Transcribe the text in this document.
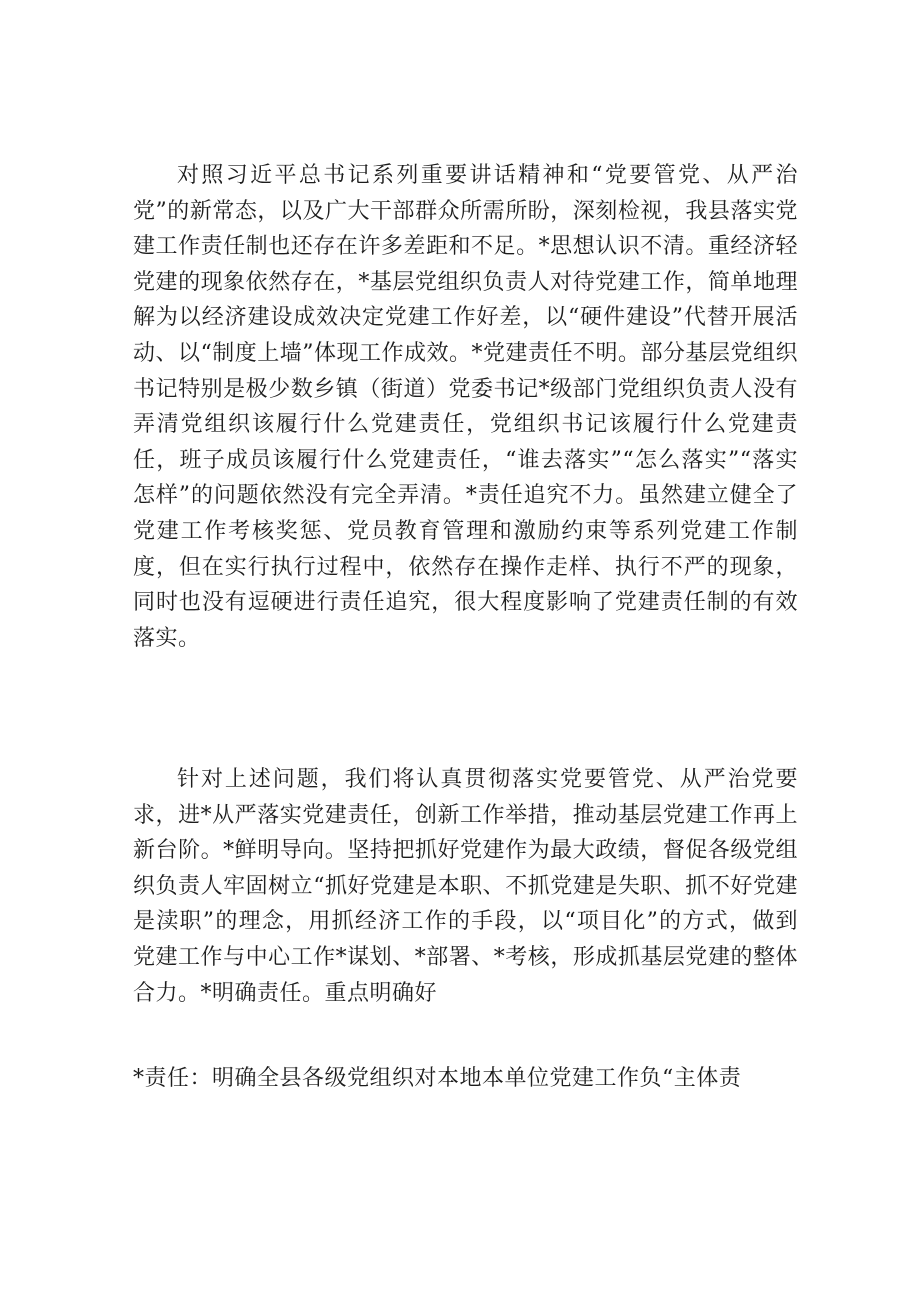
对照习近平总书记系列重要讲话精神和“党要管党、从严治党”的新常态，以及广大干部群众所需所盼，深刻检视，我县落实党建工作责任制也还存在许多差距和不足。*思想认识不清。重经济轻党建的现象依然存在，*基层党组织负责人对待党建工作，简单地理解为以经济建设成效决定党建工作好差，以“硬件建设”代替开展活动、以“制度上墙”体现工作成效。*党建责任不明。部分基层党组织书记特别是极少数乡镇（街道）党委书记*级部门党组织负责人没有弄清党组织该履行什么党建责任，党组织书记该履行什么党建责任，班子成员该履行什么党建责任，“谁去落实”“怎么落实”“落实怎样”的问题依然没有完全弄清。*责任追究不力。虽然建立健全了党建工作考核奖惩、党员教育管理和激励约束等系列党建工作制度，但在实行执行过程中，依然存在操作走样、执行不严的现象，同时也没有逗硬进行责任追究，很大程度影响了党建责任制的有效落实。

针对上述问题，我们将认真贯彻落实党要管党、从严治党要求，进*从严落实党建责任，创新工作举措，推动基层党建工作再上新台阶。*鲜明导向。坚持把抓好党建作为最大政绩，督促各级党组织负责人牢固树立“抓好党建是本职、不抓党建是失职、抓不好党建是渎职”的理念，用抓经济工作的手段，以“项目化”的方式，做到党建工作与中心工作*谋划、*部署、*考核，形成抓基层党建的整体合力。*明确责任。重点明确好

*责任：明确全县各级党组织对本地本单位党建工作负“主体责
